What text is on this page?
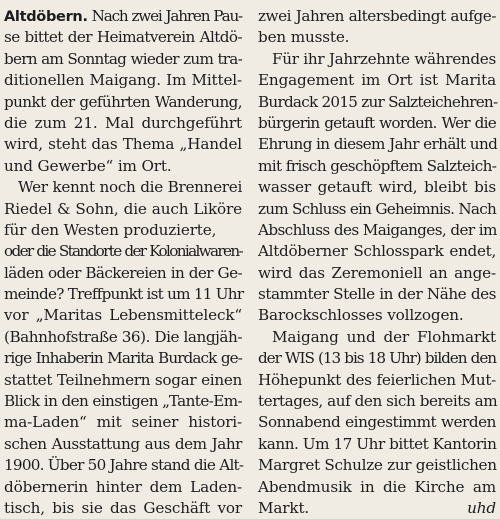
Altdöbern. Nach zwei Jahren Pau-
se bittet der Heimatverein Altdö-
bern am Sonntag wieder zum tra-
ditionellen Maigang. Im Mittel-
punkt der geführten Wanderung,
die zum 21. Mal durchgeführt
wird, steht das Thema „Handel
und Gewerbe“ im Ort.
Wer kennt noch die Brennerei
Riedel & Sohn, die auch Liköre
für den Westen produzierte,
oder die Standorte der Kolonialwaren-
läden oder Bäckereien in der Ge-
meinde? Treffpunkt ist um 11 Uhr
vor „Maritas Lebensmitteleck“
(Bahnhofstraße 36). Die langjäh-
rige Inhaberin Marita Burdack ge-
stattet Teilnehmern sogar einen
Blick in den einstigen „Tante-Em-
ma-Laden“ mit seiner histori-
schen Ausstattung aus dem Jahr
1900. Über 50 Jahre stand die Alt-
döbernerin hinter dem Laden-
tisch, bis sie das Geschäft vor
zwei Jahren altersbedingt aufge-
ben musste.
Für ihr Jahrzehnte währendes
Engagement im Ort ist Marita
Burdack 2015 zur Salzteichehren-
bürgerin getauft worden. Wer die
Ehrung in diesem Jahr erhält und
mit frisch geschöpftem Salzteich-
wasser getauft wird, bleibt bis
zum Schluss ein Geheimnis. Nach
Abschluss des Maiganges, der im
Altdöberner Schlosspark endet,
wird das Zeremoniell an ange-
stammter Stelle in der Nähe des
Barockschlosses vollzogen.
Maigang und der Flohmarkt
der WIS (13 bis 18 Uhr) bilden den
Höhepunkt des feierlichen Mut-
tertages, auf den sich bereits am
Sonnabend eingestimmt werden
kann. Um 17 Uhr bittet Kantorin
Margret Schulze zur geistlichen
Abendmusik in die Kirche am
Markt.	uhd
